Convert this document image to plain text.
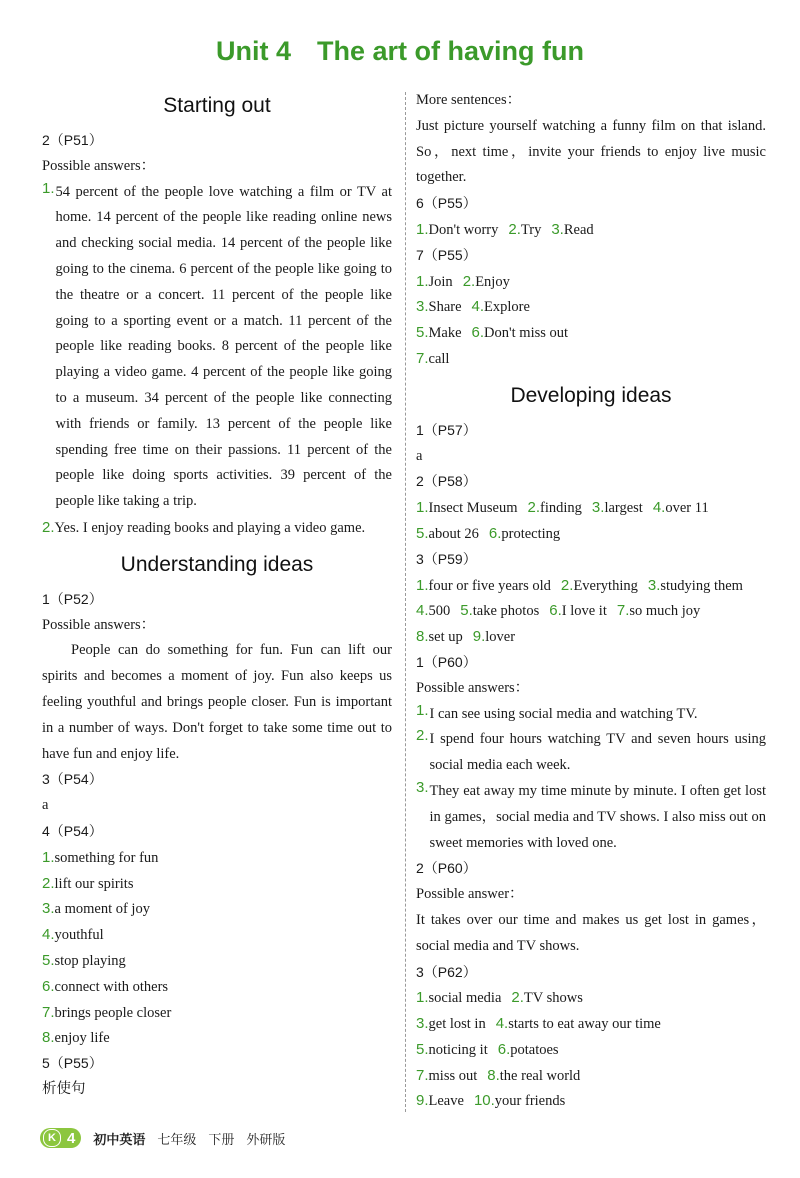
Unit 4 The art of having fun
Starting out
2（P51）
Possible answers：
1. 54 percent of the people love watching a film or TV at home. 14 percent of the people like reading online news and checking social media. 14 percent of the people like going to the cinema. 6 percent of the people like going to the theatre or a concert. 11 percent of the people like going to a sporting event or a match. 11 percent of the people like reading books. 8 percent of the people like playing a video game. 4 percent of the people like going to a museum. 34 percent of the people like connecting with friends or family. 13 percent of the people like spending free time on their passions. 11 percent of the people like doing sports activities. 39 percent of the people like taking a trip.

2.Yes. I enjoy reading books and playing a video game.
Understanding ideas
1（P52）
Possible answers：

People can do something for fun. Fun can lift our spirits and becomes a moment of joy. Fun also keeps us feeling youthful and brings people closer. Fun is important in a number of ways. Don't forget to take some time out to have fun and enjoy life.

3（P54）
a
4（P54）
1.something for fun
2.lift our spirits
3.a moment of joy
4.youthful
5.stop playing
6.connect with others
7.brings people closer
8.enjoy life
5（P55）
析使句
More sentences：

Just picture yourself watching a funny film on that island. So，next time，invite your friends to enjoy live music together.

6（P55）
1.Don't worry 2.Try 3.Read
7（P55）
1.Join 2.Enjoy
3.Share 4.Explore
5.Make 6.Don't miss out
7.call
Developing ideas
1（P57）
a
2（P58）
1.Insect Museum 2.finding 3.largest 4.over 11
5.about 26 6.protecting
3（P59）
1.four or five years old 2.Everything 3.studying them
4.500 5.take photos 6.I love it 7.so much joy
8.set up 9.lover
1（P60）
Possible answers：
1. I can see using social media and watching TV.

2. I spend four hours watching TV and seven hours using social media each week.

3. They eat away my time minute by minute. I often get lost in games，social media and TV shows. I also miss out on sweet memories with loved one.

2（P60）
Possible answer：

It takes over our time and makes us get lost in games，social media and TV shows.

3（P62）
1.social media 2.TV shows
3.get lost in 4.starts to eat away our time
5.noticing it 6.potatoes
7.miss out 8.the real world
9.Leave 10.your friends
K 4 初中英语 七年级 下册 外研版
